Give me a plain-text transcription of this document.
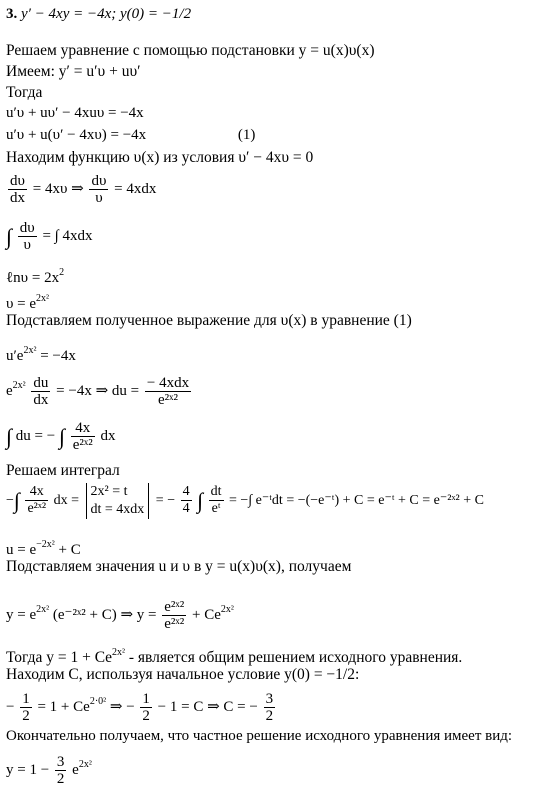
3. y′ − 4xy = −4x; y(0) = −1/2
Решаем уравнение с помощью подстановки y = u(x)υ(x)
Имеем: y′ = u′υ + uυ′
Тогда
u′υ + uυ′ − 4xuυ = −4x
u′υ + u(υ′ − 4xυ) = −4x	(1)
Находим функцию υ(x) из условия υ′ − 4xυ = 0
$\frac{d\upsilon}{dx} = 4x\upsilon$ ⇒ $\frac{d\upsilon}{\upsilon} = 4xdx$
∫ $\frac{d\upsilon}{\upsilon}$ = ∫ 4xdx
ℓnυ = $2x^2$
$\upsilon = e^{2x^2}$
Подставляем полученное выражение для υ(x) в уравнение (1)
$u'e^{2x^2} = -4x$
$e^{2x^2} \frac{du}{dx} = -4x$ ⇒ du = $\frac{\text{− 4xdx}}{\text{e²ˣ²}}$
∫ du = − ∫ $\frac{4x}{\text{e²ˣ²}}$ dx
Решаем интеграл
−∫ $\frac{4x}{\text{e²ˣ²}}$ dx =
2x² = t
dt = 4xdx
= − $\frac{4}{4}$ ∫ $\frac{dt}{\text{eᵗ}}$ = −∫ e⁻ᵗdt = −(−e⁻ᵗ) + C = e⁻ᵗ + C = e⁻²ˣ² + C
$u = e^{-2x^2} + C$
Подставляем значения u и υ в y = u(x)υ(x), получаем
$y = e^{2x^2}$ (e⁻²ˣ² + C) ⇒ $y = \frac{\text{e²ˣ²}}{\text{e²ˣ²}} + Ce^{2x^2}$
Тогда $y = 1 + Ce^{2x^2}$ - является общим решением исходного уравнения.
Находим С, используя начальное условие y(0) = −1/2:
− $\frac{1}{2} = 1 + Ce^{2\cdot 0^2}$ ⇒ − $\frac{1}{2} - 1 = C$ ⇒ C = − $\frac{3}{2}$
Окончательно получаем, что частное решение исходного уравнения имеет вид:
$y = 1 - \frac{3}{2} e^{2x^2}$
